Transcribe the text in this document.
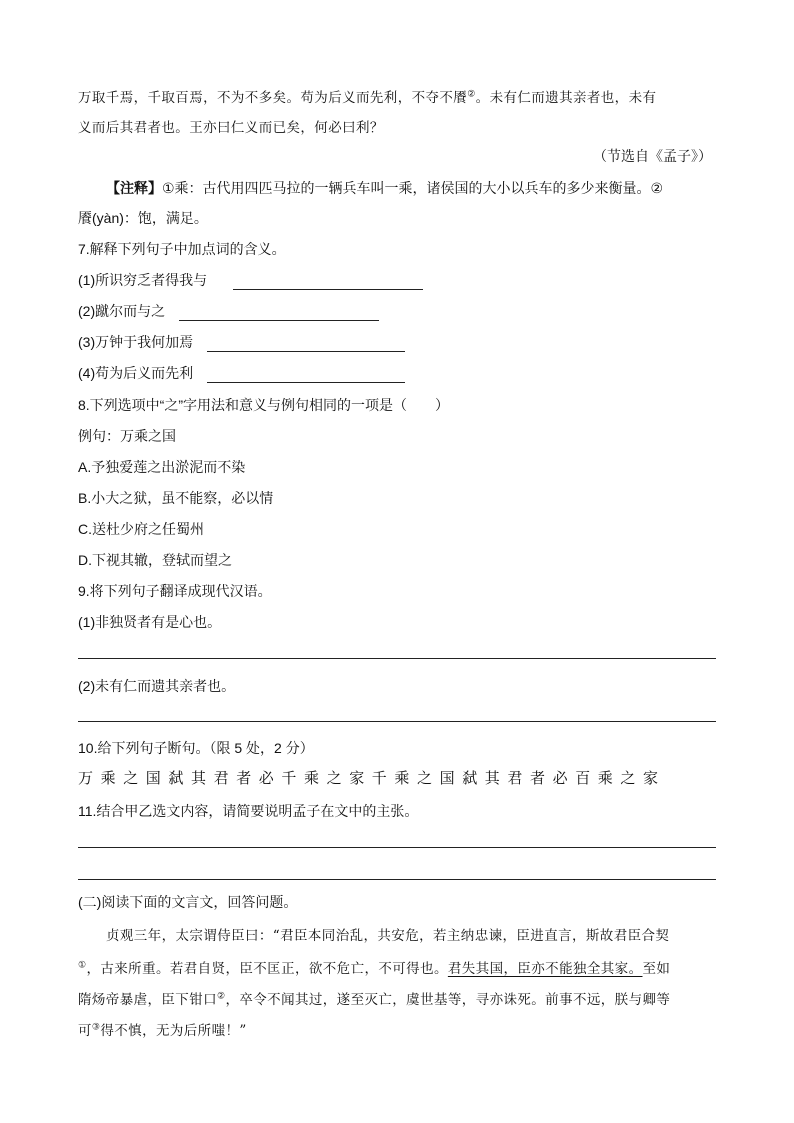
万取千焉，千取百焉，不为不多矣。苟为后义而先利，不夺不餍②。未有仁而遗其亲者也，未有
义而后其君者也。王亦曰仁义而已矣，何必曰利？
（节选自《孟子》）
【注释】①乘：古代用四匹马拉的一辆兵车叫一乘，诸侯国的大小以兵车的多少来衡量。②
餍(yàn)：饱，满足。
7.解释下列句子中加点词的含义。
(1)所识穷乏者得我与
(2)蹴尔而与之
(3)万钟于我何加焉
(4)苟为后义而先利
8.下列选项中“之”字用法和意义与例句相同的一项是（　　）
例句：万乘之国
A.予独爱莲之出淤泥而不染
B.小大之狱，虽不能察，必以情
C.送杜少府之任蜀州
D.下视其辙，登轼而望之
9.将下列句子翻译成现代汉语。
(1)非独贤者有是心也。
(2)未有仁而遗其亲者也。
10.给下列句子断句。（限 5 处，2 分）
万乘之国弑其君者必千乘之家千乘之国弑其君者必百乘之家
11.结合甲乙选文内容，请简要说明孟子在文中的主张。
(二)阅读下面的文言文，回答问题。
贞观三年，太宗谓侍臣曰：“君臣本同治乱，共安危，若主纳忠谏，臣进直言，斯故君臣合契
①，古来所重。若君自贤，臣不匡正，欲不危亡，不可得也。君失其国，臣亦不能独全其家。至如
隋炀帝暴虐，臣下钳口②，卒令不闻其过，遂至灭亡，虞世基等，寻亦诛死。前事不远，朕与卿等
可③得不慎，无为后所嗤！”
